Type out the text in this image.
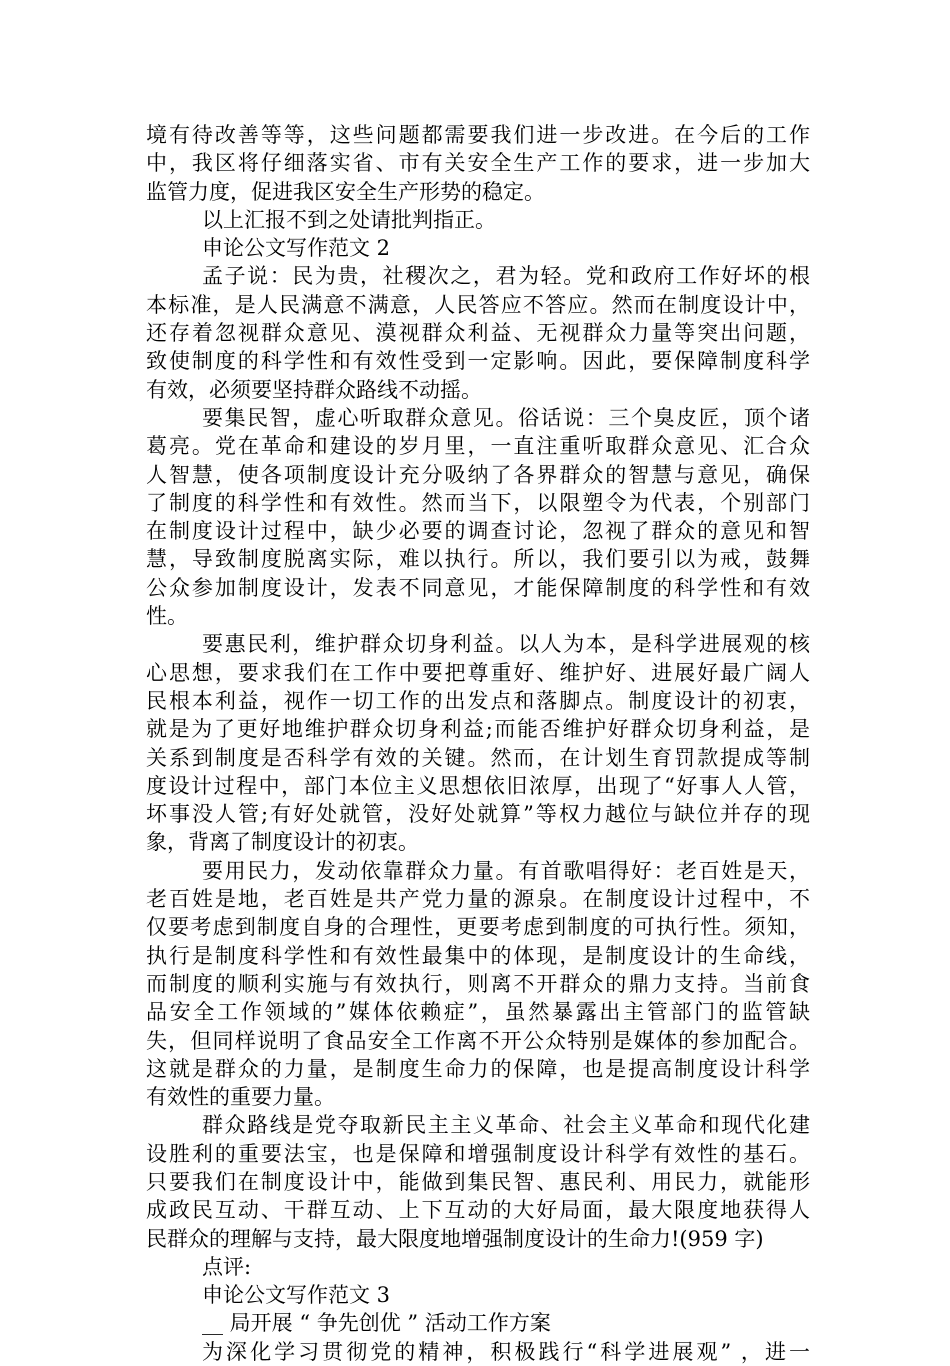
境有待改善等等，这些问题都需要我们进一步改进。在今后的工作
中，我区将仔细落实省、市有关安全生产工作的要求，进一步加大
监管力度，促进我区安全生产形势的稳定。
以上汇报不到之处请批判指正。
申论公文写作范文 2
孟子说：民为贵，社稷次之，君为轻。党和政府工作好坏的根
本标准，是人民满意不满意，人民答应不答应。然而在制度设计中，
还存着忽视群众意见、漠视群众利益、无视群众力量等突出问题，
致使制度的科学性和有效性受到一定影响。因此，要保障制度科学
有效，必须要坚持群众路线不动摇。
要集民智，虚心听取群众意见。俗话说：三个臭皮匠，顶个诸
葛亮。党在革命和建设的岁月里，一直注重听取群众意见、汇合众
人智慧，使各项制度设计充分吸纳了各界群众的智慧与意见，确保
了制度的科学性和有效性。然而当下，以限塑令为代表，个别部门
在制度设计过程中，缺少必要的调查讨论，忽视了群众的意见和智
慧，导致制度脱离实际，难以执行。所以，我们要引以为戒，鼓舞
公众参加制度设计，发表不同意见，才能保障制度的科学性和有效
性。
要惠民利，维护群众切身利益。以人为本，是科学进展观的核
心思想，要求我们在工作中要把尊重好、维护好、进展好最广阔人
民根本利益，视作一切工作的出发点和落脚点。制度设计的初衷，
就是为了更好地维护群众切身利益;而能否维护好群众切身利益，是
关系到制度是否科学有效的关键。然而，在计划生育罚款提成等制
度设计过程中，部门本位主义思想依旧浓厚，出现了“好事人人管，
坏事没人管;有好处就管，没好处就算”等权力越位与缺位并存的现
象，背离了制度设计的初衷。
要用民力，发动依靠群众力量。有首歌唱得好：老百姓是天，
老百姓是地，老百姓是共产党力量的源泉。在制度设计过程中，不
仅要考虑到制度自身的合理性，更要考虑到制度的可执行性。须知，
执行是制度科学性和有效性最集中的体现，是制度设计的生命线，
而制度的顺利实施与有效执行，则离不开群众的鼎力支持。当前食
品安全工作领域的”媒体依赖症”，虽然暴露出主管部门的监管缺
失，但同样说明了食品安全工作离不开公众特别是媒体的参加配合。
这就是群众的力量，是制度生命力的保障，也是提高制度设计科学
有效性的重要力量。
群众路线是党夺取新民主主义革命、社会主义革命和现代化建
设胜利的重要法宝，也是保障和增强制度设计科学有效性的基石。
只要我们在制度设计中，能做到集民智、惠民利、用民力，就能形
成政民互动、干群互动、上下互动的大好局面，最大限度地获得人
民群众的理解与支持，最大限度地增强制度设计的生命力!(959 字)
点评:
申论公文写作范文 3
__ 局开展 “ 争先创优 ” 活动工作方案
为深化学习贯彻党的精神，积极践行“科学进展观” ，进一
